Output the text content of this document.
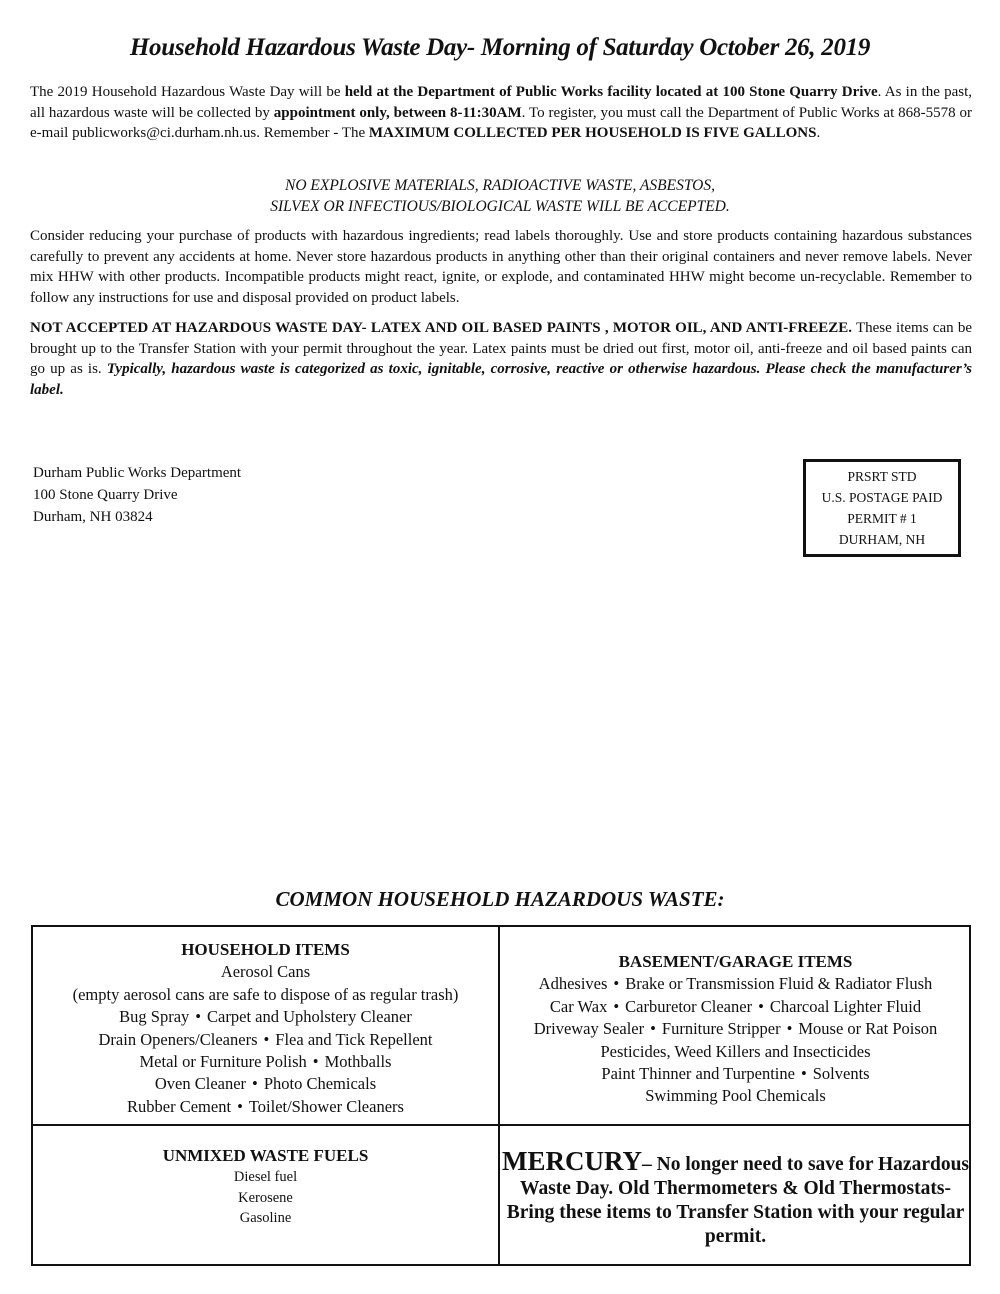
Household Hazardous Waste Day- Morning of Saturday October 26, 2019

The 2019 Household Hazardous Waste Day will be held at the Department of Public Works facility located at 100 Stone Quarry Drive. As in the past, all hazardous waste will be collected by appointment only, between 8-11:30AM. To register, you must call the Department of Public Works at 868-5578 or e-mail publicworks@ci.durham.nh.us. Remember - The MAXIMUM COLLECTED PER HOUSEHOLD IS FIVE GALLONS.

NO EXPLOSIVE MATERIALS, RADIOACTIVE WASTE, ASBESTOS,
SILVEX OR INFECTIOUS/BIOLOGICAL WASTE WILL BE ACCEPTED.

Consider reducing your purchase of products with hazardous ingredients; read labels thoroughly. Use and store products containing hazardous substances carefully to prevent any accidents at home. Never store hazardous products in anything other than their original containers and never remove labels. Never mix HHW with other products. Incompatible products might react, ignite, or explode, and contaminated HHW might become un-recyclable. Remember to follow any instructions for use and disposal provided on product labels.

NOT ACCEPTED AT HAZARDOUS WASTE DAY- LATEX AND OIL BASED PAINTS , MOTOR OIL, AND ANTI-FREEZE. These items can be brought up to the Transfer Station with your permit throughout the year. Latex paints must be dried out first, motor oil, anti-freeze and oil based paints can go up as is. Typically, hazardous waste is categorized as toxic, ignitable, corrosive, reactive or otherwise hazardous. Please check the manufacturer’s label.

Durham Public Works Department
100 Stone Quarry Drive
Durham, NH 03824
PRSRT STD
U.S. POSTAGE PAID
PERMIT # 1
DURHAM, NH
COMMON HOUSEHOLD HAZARDOUS WASTE:
HOUSEHOLD ITEMS
Aerosol Cans
(empty aerosol cans are safe to dispose of as regular trash)
Bug Spray • Carpet and Upholstery Cleaner
Drain Openers/Cleaners • Flea and Tick Repellent
Metal or Furniture Polish • Mothballs
Oven Cleaner • Photo Chemicals
Rubber Cement • Toilet/Shower Cleaners
BASEMENT/GARAGE ITEMS
Adhesives • Brake or Transmission Fluid & Radiator Flush
Car Wax • Carburetor Cleaner • Charcoal Lighter Fluid
Driveway Sealer • Furniture Stripper • Mouse or Rat Poison
Pesticides, Weed Killers and Insecticides
Paint Thinner and Turpentine • Solvents
Swimming Pool Chemicals
UNMIXED WASTE FUELS
Diesel fuel
Kerosene
Gasoline
MERCURY– No longer need to save for Hazardous Waste Day. Old Thermometers & Old Thermostats- Bring these items to Transfer Station with your regular permit.
